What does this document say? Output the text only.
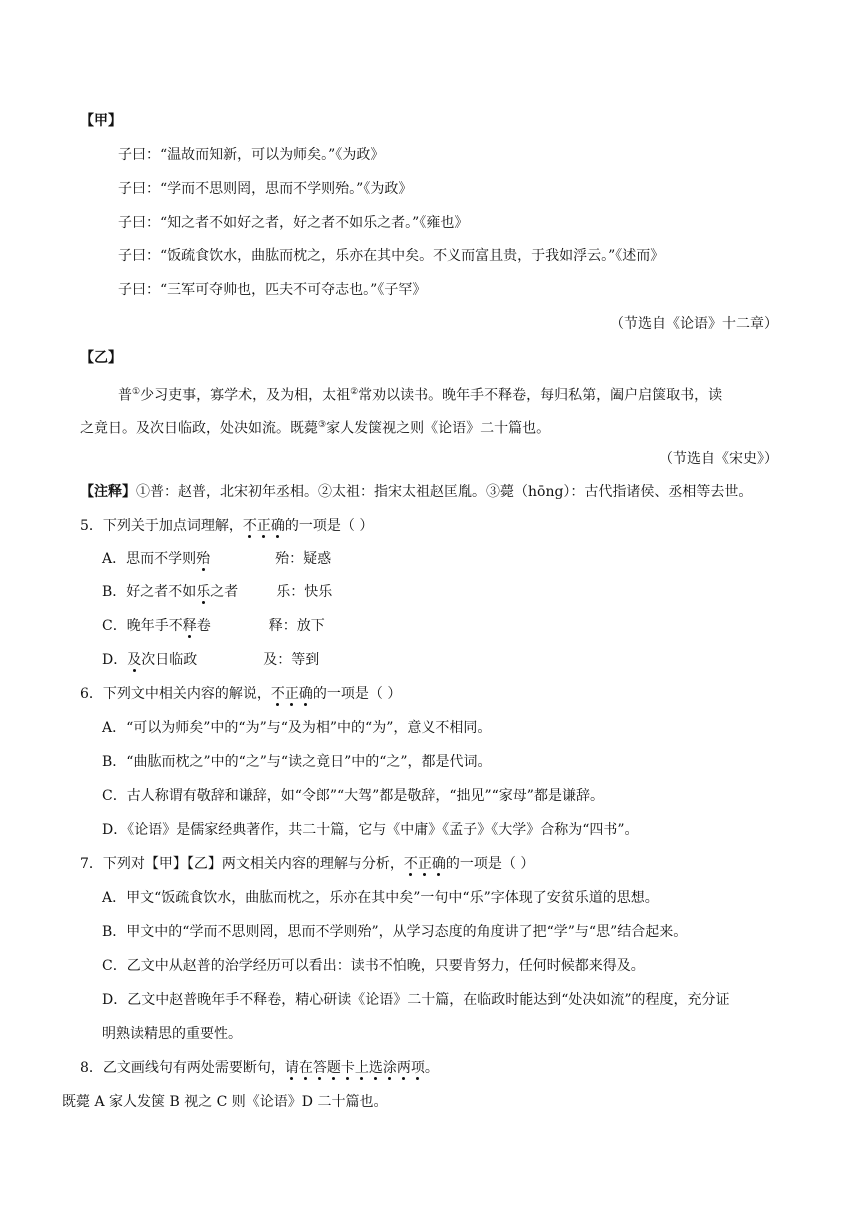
【甲】
子曰：“温故而知新，可以为师矣。”《为政》
子曰：“学而不思则罔，思而不学则殆。”《为政》
子曰：“知之者不如好之者，好之者不如乐之者。”《雍也》
子曰：“饭疏食饮水，曲肱而枕之，乐亦在其中矣。不义而富且贵，于我如浮云。”《述而》
子曰：“三军可夺帅也，匹夫不可夺志也。”《子罕》
（节选自《论语》十二章）
【乙】
普①少习吏事，寡学术，及为相，太祖②常劝以读书。晚年手不释卷，每归私第，阖户启箧取书，读
之竟日。及次日临政，处决如流。既薨③家人发箧视之则《论语》二十篇也。
（节选自《宋史》）
【注释】①普：赵普，北宋初年丞相。②太祖：指宋太祖赵匡胤。③薨（hōng）：古代指诸侯、丞相等去世。
5．下列关于加点词理解，不正确的一项是（ ）
A．思而不学则殆	殆：疑惑
B．好之者不如乐之者	乐：快乐
C．晚年手不释卷	释：放下
D．及次日临政	及：等到
6．下列文中相关内容的解说，不正确的一项是（ ）
A．“可以为师矣”中的“为”与“及为相”中的“为”，意义不相同。
B．“曲肱而枕之”中的“之”与“读之竟日”中的“之”，都是代词。
C．古人称谓有敬辞和谦辞，如“令郎”“大驾”都是敬辞，“拙见”“家母”都是谦辞。
D．《论语》是儒家经典著作，共二十篇，它与《中庸》《孟子》《大学》合称为“四书”。
7．下列对【甲】【乙】两文相关内容的理解与分析，不正确的一项是（ ）
A．甲文“饭疏食饮水，曲肱而枕之，乐亦在其中矣”一句中“乐”字体现了安贫乐道的思想。
B．甲文中的“学而不思则罔，思而不学则殆”，从学习态度的角度讲了把“学”与“思”结合起来。
C．乙文中从赵普的治学经历可以看出：读书不怕晚，只要肯努力，任何时候都来得及。
D．乙文中赵普晚年手不释卷，精心研读《论语》二十篇，在临政时能达到“处决如流”的程度，充分证
明熟读精思的重要性。
8．乙文画线句有两处需要断句，请在答题卡上选涂两项。
既薨 A 家人发箧 B 视之 C 则《论语》D 二十篇也。
